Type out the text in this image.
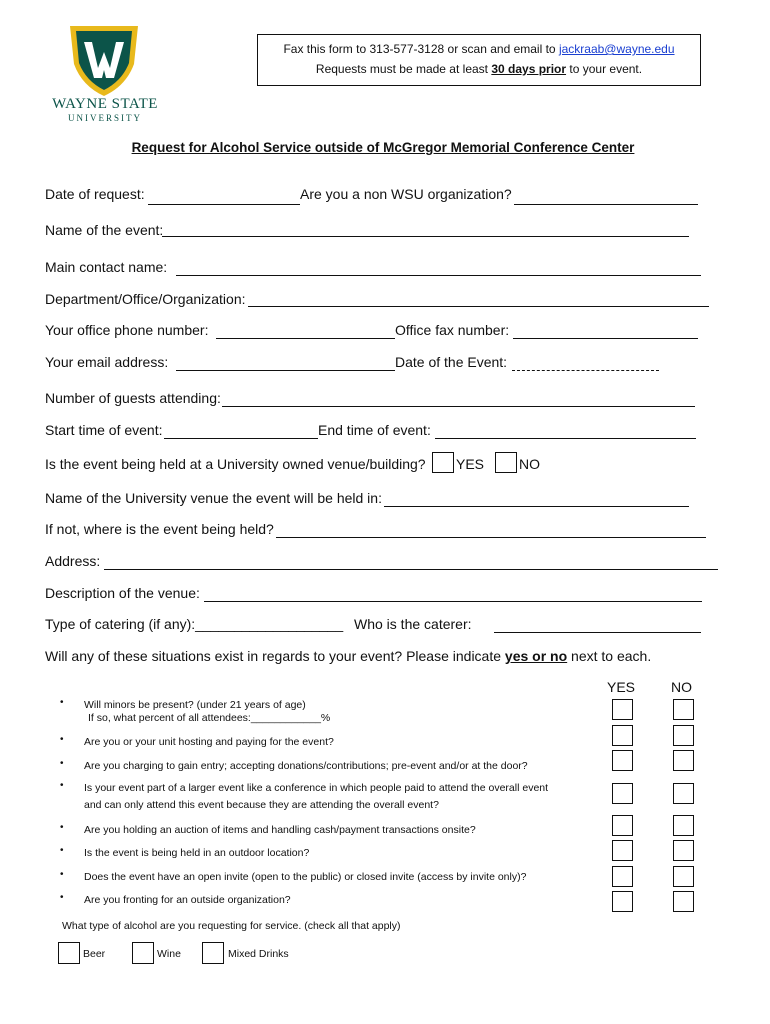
WAYNE STATE
UNIVERSITY
Fax this form to 313-577-3128 or scan and email to jackraab@wayne.edu
Requests must be made at least 30 days prior to your event.
Request for Alcohol Service outside of McGregor Memorial Conference Center
Date of request:	Are you a non WSU organization?
Name of the event:
Main contact name:
Department/Office/Organization:
Your office phone number:	Office fax number:
Your email address:	Date of the Event:
Number of guests attending:
Start time of event:	End time of event:
Is the event being held at a University owned venue/building? YES NO
Name of the University venue the event will be held in:
If not, where is the event being held?
Address:
Description of the venue:
Type of catering (if any):___________________ Who is the caterer:
Will any of these situations exist in regards to your event? Please indicate yes or no next to each.
YES	NO
• Will minors be present? (under 21 years of age)
If so, what percent of all attendees:____________%
• Are you or your unit hosting and paying for the event?
• Are you charging to gain entry; accepting donations/contributions; pre-event and/or at the door?
• Is your event part of a larger event like a conference in which people paid to attend the overall event
and can only attend this event because they are attending the overall event?
• Are you holding an auction of items and handling cash/payment transactions onsite?
• Is the event is being held in an outdoor location?
• Does the event have an open invite (open to the public) or closed invite (access by invite only)?
• Are you fronting for an outside organization?
What type of alcohol are you requesting for service. (check all that apply)
Beer	Wine	Mixed Drinks
